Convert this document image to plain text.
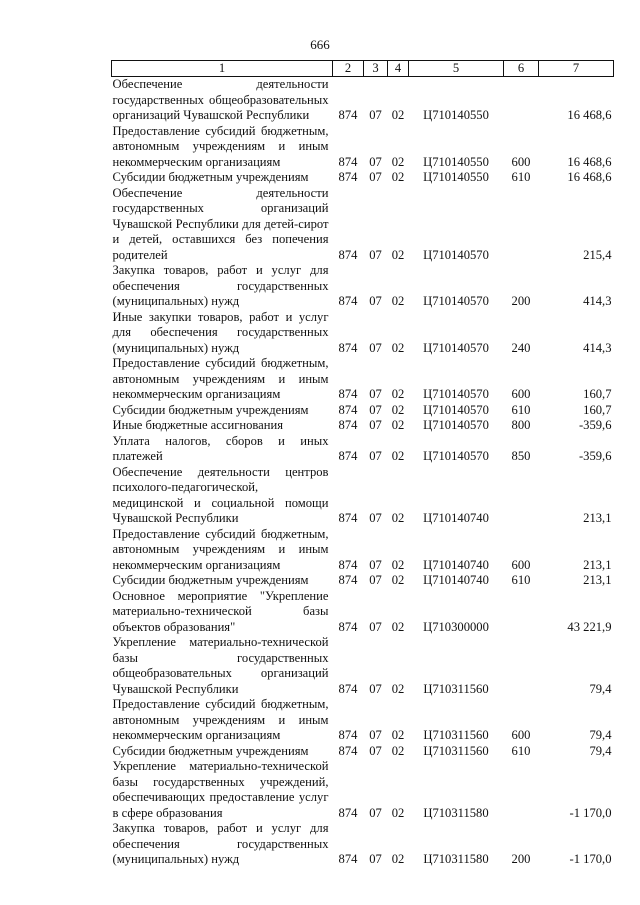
666
1	2	3	4	5	6	7
Обеспечение деятельности государственных общеобразовательных организаций Чувашской Республики	874	07	02	Ц710140550		16 468,6
Предоставление субсидий бюджетным, автономным учреждениям и иным некоммерческим организациям	874	07	02	Ц710140550	600	16 468,6
Субсидии бюджетным учреждениям	874	07	02	Ц710140550	610	16 468,6
Обеспечение деятельности государственных организаций Чувашской Республики для детей-сирот и детей, оставшихся без попечения родителей	874	07	02	Ц710140570		215,4
Закупка товаров, работ и услуг для обеспечения государственных (муниципальных) нужд	874	07	02	Ц710140570	200	414,3
Иные закупки товаров, работ и услуг для обеспечения государственных (муниципальных) нужд	874	07	02	Ц710140570	240	414,3
Предоставление субсидий бюджетным, автономным учреждениям и иным некоммерческим организациям	874	07	02	Ц710140570	600	160,7
Субсидии бюджетным учреждениям	874	07	02	Ц710140570	610	160,7
Иные бюджетные ассигнования	874	07	02	Ц710140570	800	-359,6
Уплата налогов, сборов и иных платежей	874	07	02	Ц710140570	850	-359,6
Обеспечение деятельности центров психолого-педагогической, медицинской и социальной помощи Чувашской Республики	874	07	02	Ц710140740		213,1
Предоставление субсидий бюджетным, автономным учреждениям и иным некоммерческим организациям	874	07	02	Ц710140740	600	213,1
Субсидии бюджетным учреждениям	874	07	02	Ц710140740	610	213,1
Основное мероприятие "Укрепление материально-технической базы объектов образования"	874	07	02	Ц710300000		43 221,9
Укрепление материально-технической базы государственных общеобразовательных организаций Чувашской Республики	874	07	02	Ц710311560		79,4
Предоставление субсидий бюджетным, автономным учреждениям и иным некоммерческим организациям	874	07	02	Ц710311560	600	79,4
Субсидии бюджетным учреждениям	874	07	02	Ц710311560	610	79,4
Укрепление материально-технической базы государственных учреждений, обеспечивающих предоставление услуг в сфере образования	874	07	02	Ц710311580		-1 170,0
Закупка товаров, работ и услуг для обеспечения государственных (муниципальных) нужд	874	07	02	Ц710311580	200	-1 170,0
